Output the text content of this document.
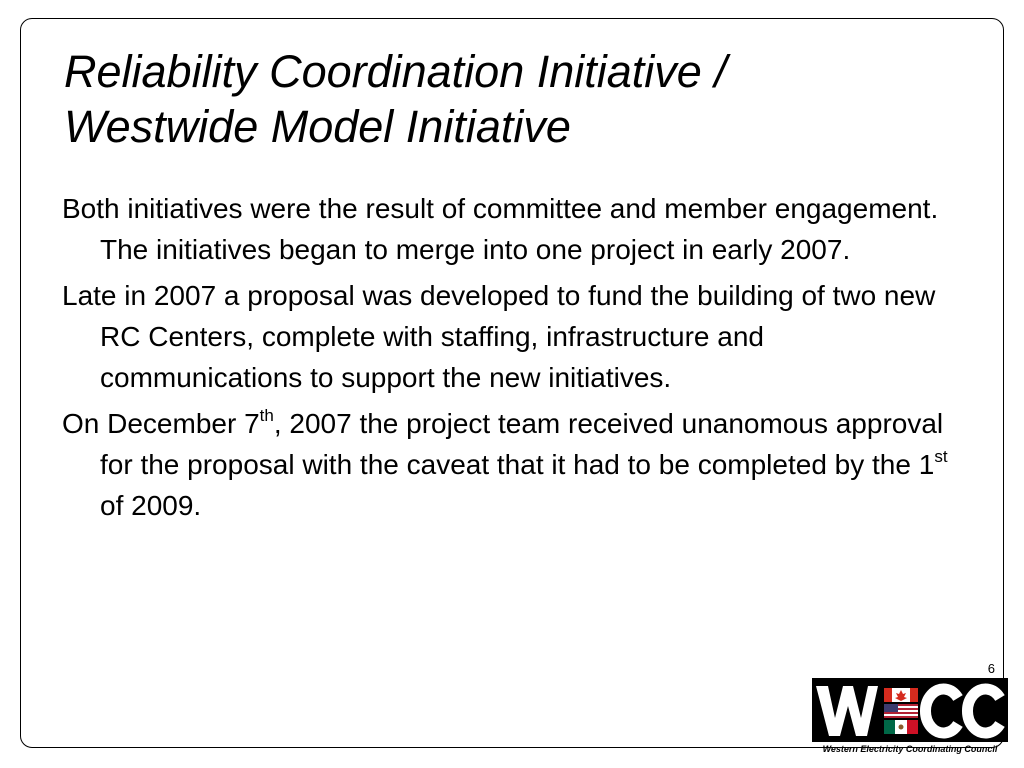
Reliability Coordination Initiative /
Westwide Model Initiative
Both initiatives were the result of committee and member engagement. The initiatives began to merge into one project in early 2007.
Late in 2007 a proposal was developed to fund the building of two new RC Centers, complete with staffing, infrastructure and communications to support the new initiatives.
On December 7th, 2007 the project team received unanomous approval for the proposal with the caveat that it had to be completed by the 1st of 2009.
6
Western Electricity Coordinating Council
